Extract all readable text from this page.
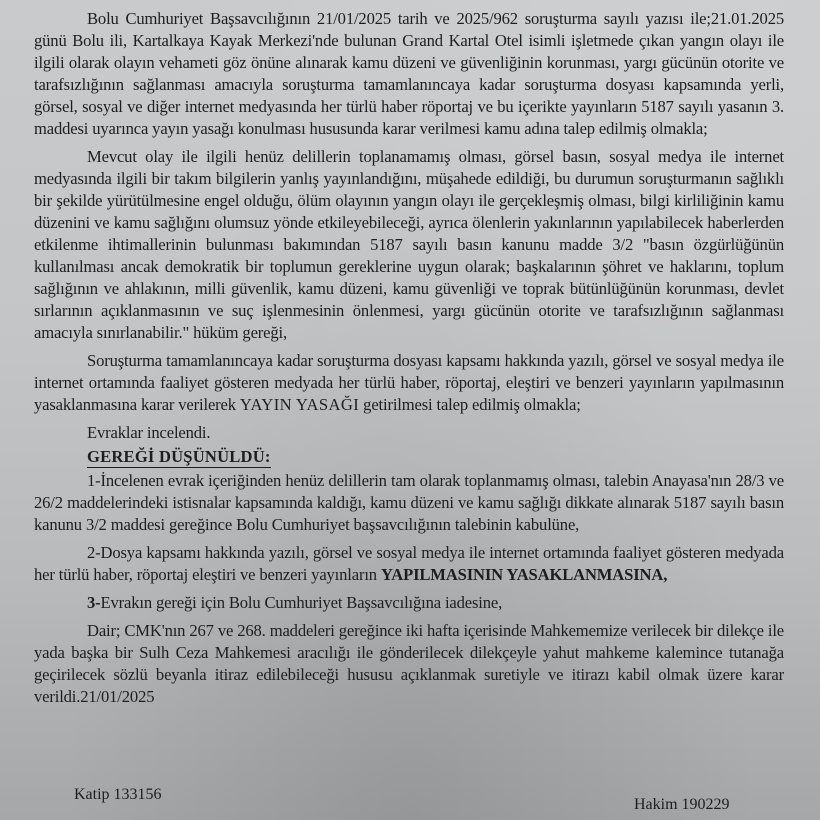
Bolu Cumhuriyet Başsavcılığının 21/01/2025 tarih ve 2025/962 soruşturma sayılı yazısı ile;21.01.2025 günü Bolu ili, Kartalkaya Kayak Merkezi'nde bulunan Grand Kartal Otel isimli işletmede çıkan yangın olayı ile ilgili olarak olayın vehameti göz önüne alınarak kamu düzeni ve güvenliğinin korunması, yargı gücünün otorite ve tarafsızlığının sağlanması amacıyla soruşturma tamamlanıncaya kadar soruşturma dosyası kapsamında yerli, görsel, sosyal ve diğer internet medyasında her türlü haber röportaj ve bu içerikte yayınların 5187 sayılı yasanın 3. maddesi uyarınca yayın yasağı konulması hususunda karar verilmesi kamu adına talep edilmiş olmakla;

Mevcut olay ile ilgili henüz delillerin toplanamamış olması, görsel basın, sosyal medya ile internet medyasında ilgili bir takım bilgilerin yanlış yayınlandığını, müşahede edildiği, bu durumun soruşturmanın sağlıklı bir şekilde yürütülmesine engel olduğu, ölüm olayının yangın olayı ile gerçekleşmiş olması, bilgi kirliliğinin kamu düzenini ve kamu sağlığını olumsuz yönde etkileyebileceği, ayrıca ölenlerin yakınlarının yapılabilecek haberlerden etkilenme ihtimallerinin bulunması bakımından 5187 sayılı basın kanunu madde 3/2 "basın özgürlüğünün kullanılması ancak demokratik bir toplumun gereklerine uygun olarak; başkalarının şöhret ve haklarını, toplum sağlığının ve ahlakının, milli güvenlik, kamu düzeni, kamu güvenliği ve toprak bütünlüğünün korunması, devlet sırlarının açıklanmasının ve suç işlenmesinin önlenmesi, yargı gücünün otorite ve tarafsızlığının sağlanması amacıyla sınırlanabilir." hüküm gereği,

Soruşturma tamamlanıncaya kadar soruşturma dosyası kapsamı hakkında yazılı, görsel ve sosyal medya ile internet ortamında faaliyet gösteren medyada her türlü haber, röportaj, eleştiri ve benzeri yayınların yapılmasının yasaklanmasına karar verilerek YAYIN YASAĞI getirilmesi talep edilmiş olmakla;

Evraklar incelendi.

GEREĞİ DÜŞÜNÜLDÜ:

1-İncelenen evrak içeriğinden henüz delillerin tam olarak toplanmamış olması, talebin Anayasa'nın 28/3 ve 26/2 maddelerindeki istisnalar kapsamında kaldığı, kamu düzeni ve kamu sağlığı dikkate alınarak 5187 sayılı basın kanunu 3/2 maddesi gereğince Bolu Cumhuriyet başsavcılığının talebinin kabulüne,

2-Dosya kapsamı hakkında yazılı, görsel ve sosyal medya ile internet ortamında faaliyet gösteren medyada her türlü haber, röportaj eleştiri ve benzeri yayınların YAPILMASININ YASAKLANMASINA,

3-Evrakın gereği için Bolu Cumhuriyet Başsavcılığına iadesine,

Dair; CMK'nın 267 ve 268. maddeleri gereğince iki hafta içerisinde Mahkememize verilecek bir dilekçe ile yada başka bir Sulh Ceza Mahkemesi aracılığı ile gönderilecek dilekçeyle yahut mahkeme kalemince tutanağa geçirilecek sözlü beyanla itiraz edilebileceği hususu açıklanmak suretiyle ve itirazı kabil olmak üzere karar verildi.21/01/2025

Katip 133156
Hakim 190229
